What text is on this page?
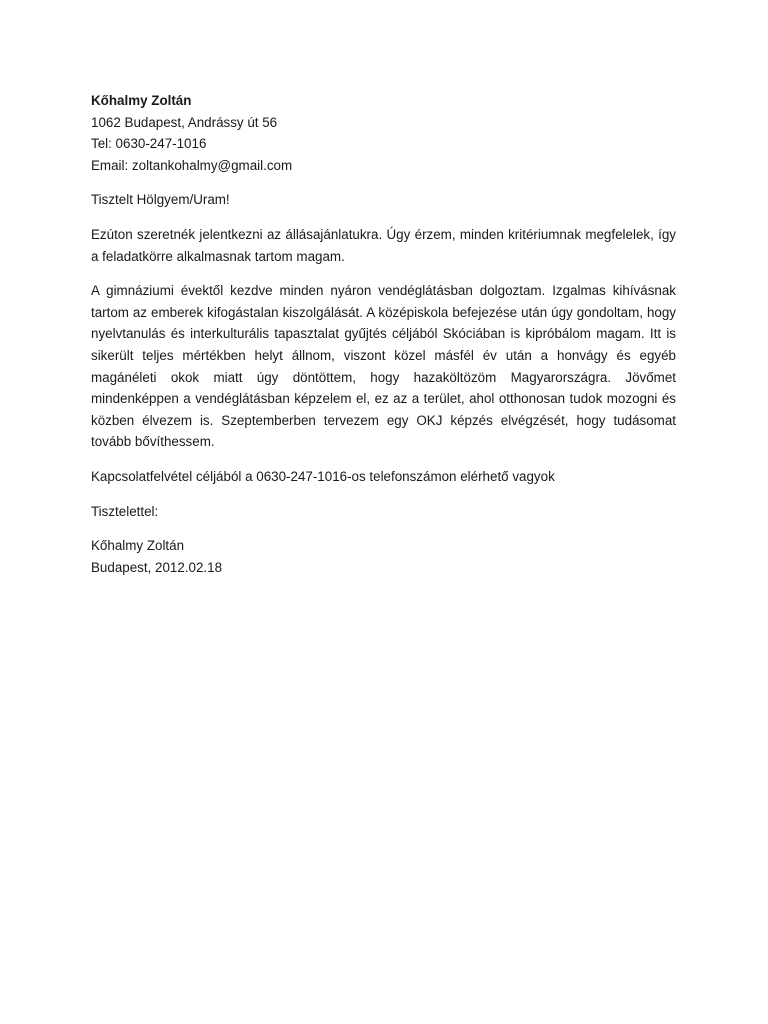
Kőhalmy Zoltán

1062 Budapest, Andrássy út 56

Tel: 0630-247-1016

Email: zoltankohalmy@gmail.com

Tisztelt Hölgyem/Uram!

Ezúton szeretnék jelentkezni az állásajánlatukra. Úgy érzem, minden kritériumnak megfelelek, így a feladatkörre alkalmasnak tartom magam.

A gimnáziumi évektől kezdve minden nyáron vendéglátásban dolgoztam. Izgalmas kihívásnak tartom az emberek kifogástalan kiszolgálását. A középiskola befejezése után úgy gondoltam, hogy nyelvtanulás és interkulturális tapasztalat gyűjtés céljából Skóciában is kipróbálom magam. Itt is sikerült teljes mértékben helyt állnom, viszont közel másfél év után a honvágy és egyéb magánéleti okok miatt úgy döntöttem, hogy hazaköltözöm Magyarországra. Jövőmet mindenképpen a vendéglátásban képzelem el, ez az a terület, ahol otthonosan tudok mozogni és közben élvezem is. Szeptemberben tervezem egy OKJ képzés elvégzését, hogy tudásomat tovább bővíthessem.

Kapcsolatfelvétel céljából a 0630-247-1016-os telefonszámon elérhető vagyok

Tisztelettel:

Kőhalmy Zoltán

Budapest, 2012.02.18
